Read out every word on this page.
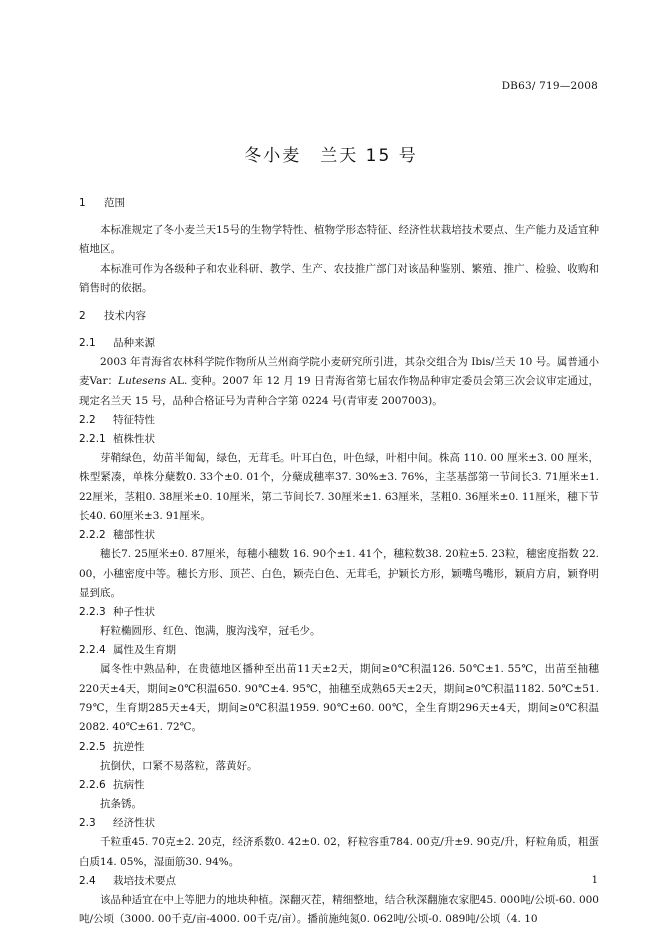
DB63/ 719—2008
冬小麦　兰天 15 号
1 范围

本标准规定了冬小麦兰天15号的生物学特性、植物学形态特征、经济性状栽培技术要点、生产能力及适宜种植地区。

本标准可作为各级种子和农业科研、教学、生产、农技推广部门对该品种鉴别、繁殖、推广、检验、收购和销售时的依据。

2 技术内容
2.1 品种来源

2003 年青海省农林科学院作物所从兰州商学院小麦研究所引进，其杂交组合为 Ibis/兰天 10 号。属普通小麦Var：Lutesens AL. 变种。2007 年 12 月 19 日青海省第七届农作物品种审定委员会第三次会议审定通过，现定名兰天 15 号，品种合格证号为青种合字第 0224 号(青审麦 2007003)。

2.2 特征特性
2.2.1 植株性状

芽鞘绿色，幼苗半匍匐，绿色，无茸毛。叶耳白色，叶色绿，叶相中间。株高 110. 00 厘米±3. 00 厘米，株型紧凑，单株分蘖数0. 33个±0. 01个，分蘖成穗率37. 30%±3. 76%，主茎基部第一节间长3. 71厘米±1. 22厘米，茎粗0. 38厘米±0. 10厘米，第二节间长7. 30厘米±1. 63厘米，茎粗0. 36厘米±0. 11厘米，穗下节长40. 60厘米±3. 91厘米。

2.2.2 穗部性状

穗长7. 25厘米±0. 87厘米，每穗小穗数 16. 90个±1. 41个，穗粒数38. 20粒±5. 23粒，穗密度指数 22. 00，小穗密度中等。穗长方形、顶芒、白色，颖壳白色、无茸毛，护颖长方形，颖嘴鸟嘴形，颖肩方肩，颖脊明显到底。

2.2.3 种子性状

籽粒椭圆形、红色、饱满，腹沟浅窄，冠毛少。

2.2.4 属性及生育期

属冬性中熟品种，在贵德地区播种至出苗11天±2天，期间≥0℃积温126. 50℃±1. 55℃，出苗至抽穗220天±4天，期间≥0℃积温650. 90℃±4. 95℃，抽穗至成熟65天±2天，期间≥0℃积温1182. 50℃±51. 79℃，生育期285天±4天，期间≥0℃积温1959. 90℃±60. 00℃，全生育期296天±4天，期间≥0℃积温2082. 40℃±61. 72℃。

2.2.5 抗逆性

抗倒伏，口紧不易落粒，落黄好。

2.2.6 抗病性

抗条锈。

2.3 经济性状

千粒重45. 70克±2. 20克，经济系数0. 42±0. 02，籽粒容重784. 00克/升±9. 90克/升，籽粒角质，粗蛋白质14. 05%，湿面筋30. 94%。

2.4 栽培技术要点

该品种适宜在中上等肥力的地块种植。深翻灭茬，精细整地，结合秋深翻施农家肥45. 000吨/公顷-60. 000吨/公顷（3000. 00千克/亩-4000. 00千克/亩）。播前施纯氮0. 062吨/公顷-0. 089吨/公顷（4. 10

1
